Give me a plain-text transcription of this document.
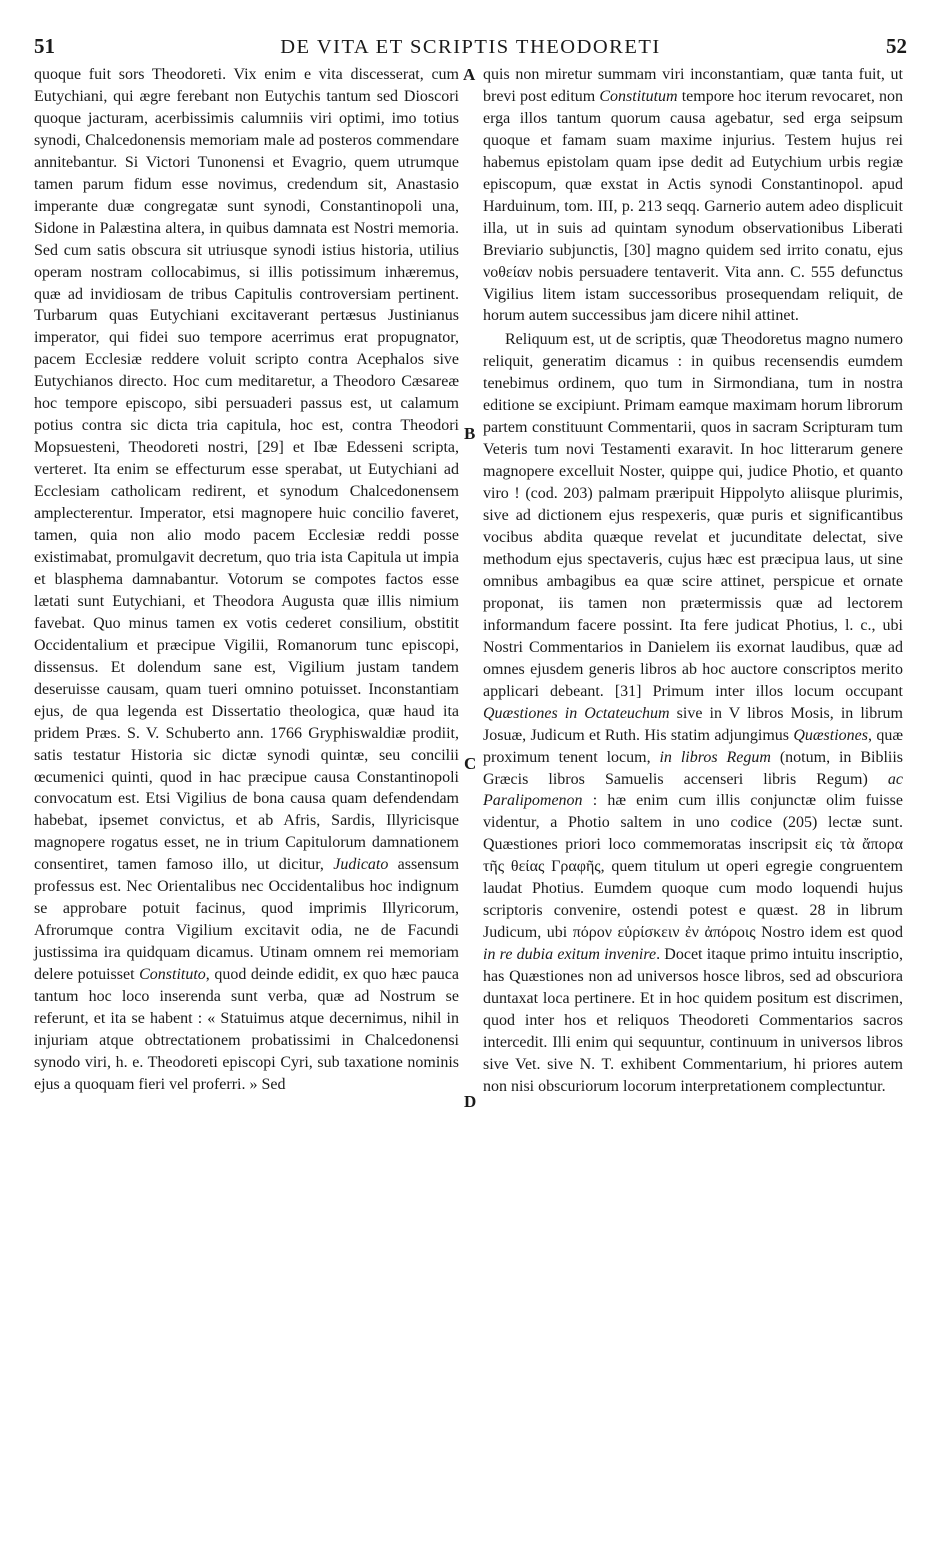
51	DE VITA ET SCRIPTIS THEODORETI	52

quoque fuit sors Theodoreti. Vix enim e vita discesserat, cum Eutychiani, qui ægre ferebant non Eutychis tantum sed Dioscori quoque jacturam, acerbissimis calumniis viri optimi, imo totius synodi, Chalcedonensis memoriam male ad posteros commendare annitebantur. Si Victori Tunonensi et Evagrio, quem utrumque tamen parum fidum esse novimus, credendum sit, Anastasio imperante duæ congregatæ sunt synodi, Constantinopoli una, Sidone in Palæstina altera, in quibus damnata est Nostri memoria. Sed cum satis obscura sit utriusque synodi istius historia, utilius operam nostram collocabimus, si illis potissimum inhæremus, quæ ad invidiosam de tribus Capitulis controversiam pertinent. Turbarum quas Eutychiani excitaverant pertæsus Justinianus imperator, qui fidei suo tempore acerrimus erat propugnator, pacem Ecclesiæ reddere voluit scripto contra Acephalos sive Eutychianos directo. Hoc cum meditaretur, a Theodoro Cæsareæ hoc tempore episcopo, sibi persuaderi passus est, ut calamum potius contra sic dicta tria capitula, hoc est, contra Theodori Mopsuesteni, Theodoreti nostri, [29] et Ibæ Edesseni scripta, verteret. Ita enim se effecturum esse sperabat, ut Eutychiani ad Ecclesiam catholicam redirent, et synodum Chalcedonensem amplecterentur. Imperator, etsi magnopere huic concilio faveret, tamen, quia non alio modo pacem Ecclesiæ reddi posse existimabat, promulgavit decretum, quo tria ista Capitula ut impia et blasphema damnabantur. Votorum se compotes factos esse lætati sunt Eutychiani, et Theodora Augusta quæ illis nimium favebat. Quo minus tamen ex votis cederet consilium, obstitit Occidentalium et præcipue Vigilii, Romanorum tunc episcopi, dissensus. Et dolendum sane est, Vigilium justam tandem deseruisse causam, quam tueri omnino potuisset. Inconstantiam ejus, de qua legenda est Dissertatio theologica, quæ haud ita pridem Præs. S. V. Schuberto ann. 1766 Gryphiswaldiæ prodiit, satis testatur Historia sic dictæ synodi quintæ, seu concilii œcumenici quinti, quod in hac præcipue causa Constantinopoli convocatum est. Etsi Vigilius de bona causa quam defendendam habebat, ipsemet convictus, et ab Afris, Sardis, Illyricisque magnopere rogatus esset, ne in trium Capitulorum damnationem consentiret, tamen famoso illo, ut dicitur, Judicato assensum professus est. Nec Orientalibus nec Occidentalibus hoc indignum se approbare potuit facinus, quod imprimis Illyricorum, Afrorumque contra Vigilium excitavit odia, ne de Facundi justissima ira quidquam dicamus. Utinam omnem rei memoriam delere potuisset Constituto, quod deinde edidit, ex quo hæc pauca tantum hoc loco inserenda sunt verba, quæ ad Nostrum se referunt, et ita se habent : « Statuimus atque decernimus, nihil in injuriam atque obtrectationem probatissimi in Chalcedonensi synodo viri, h. e. Theodoreti episcopi Cyri, sub taxatione nominis ejus a quoquam fieri vel proferri. » Sed

quis non miretur summam viri inconstantiam, quæ tanta fuit, ut brevi post editum Constitutum tempore hoc iterum revocaret, non erga illos tantum quorum causa agebatur, sed erga seipsum quoque et famam suam maxime injurius. Testem hujus rei habemus epistolam quam ipse dedit ad Eutychium urbis regiæ episcopum, quæ exstat in Actis synodi Constantinopol. apud Harduinum, tom. III, p. 213 seqq. Garnerio autem adeo displicuit illa, ut in suis ad quintam synodum observationibus Liberati Breviario subjunctis, [30] magno quidem sed irrito conatu, ejus νοθείαν nobis persuadere tentaverit. Vita ann. C. 555 defunctus Vigilius litem istam successoribus prosequendam reliquit, de horum autem successibus jam dicere nihil attinet.

Reliquum est, ut de scriptis, quæ Theodoretus magno numero reliquit, generatim dicamus : in quibus recensendis eumdem tenebimus ordinem, quo tum in Sirmondiana, tum in nostra editione se excipiunt. Primam eamque maximam horum librorum partem constituunt Commentarii, quos in sacram Scripturam tum Veteris tum novi Testamenti exaravit. In hoc litterarum genere magnopere excelluit Noster, quippe qui, judice Photio, et quanto viro ! (cod. 203) palmam præripuit Hippolyto aliisque plurimis, sive ad dictionem ejus respexeris, quæ puris et significantibus vocibus abdita quæque revelat et jucunditate delectat, sive methodum ejus spectaveris, cujus hæc est præcipua laus, ut sine omnibus ambagibus ea quæ scire attinet, perspicue et ornate proponat, iis tamen non prætermissis quæ ad lectorem informandum facere possint. Ita fere judicat Photius, l. c., ubi Nostri Commentarios in Danielem iis exornat laudibus, quæ ad omnes ejusdem generis libros ab hoc auctore conscriptos merito applicari debeant. [31] Primum inter illos locum occupant Quæstiones in Octateuchum sive in V libros Mosis, in librum Josuæ, Judicum et Ruth. His statim adjungimus Quæstiones, quæ proximum tenent locum, in libros Regum (notum, in Bibliis Græcis libros Samuelis accenseri libris Regum) ac Paralipomenon : hæ enim cum illis conjunctæ olim fuisse videntur, a Photio saltem in uno codice (205) lectæ sunt. Quæstiones priori loco commemoratas inscripsit εἰς τὰ ἄπορα τῆς θείας Γραφῆς, quem titulum ut operi egregie congruentem laudat Photius. Eumdem quoque cum modo loquendi hujus scriptoris convenire, ostendi potest e quæst. 28 in librum Judicum, ubi πόρον εὑρίσκειν ἐν ἀπόροις Nostro idem est quod in re dubia exitum invenire. Docet itaque primo intuitu inscriptio, has Quæstiones non ad universos hosce libros, sed ad obscuriora duntaxat loca pertinere. Et in hoc quidem positum est discrimen, quod inter hos et reliquos Theodoreti Commentarios sacros intercedit. Illi enim qui sequuntur, continuum in universos libros sive Vet. sive N. T. exhibent Commentarium, hi priores autem non nisi obscuriorum locorum interpretationem complectuntur.

A
B
C
D
